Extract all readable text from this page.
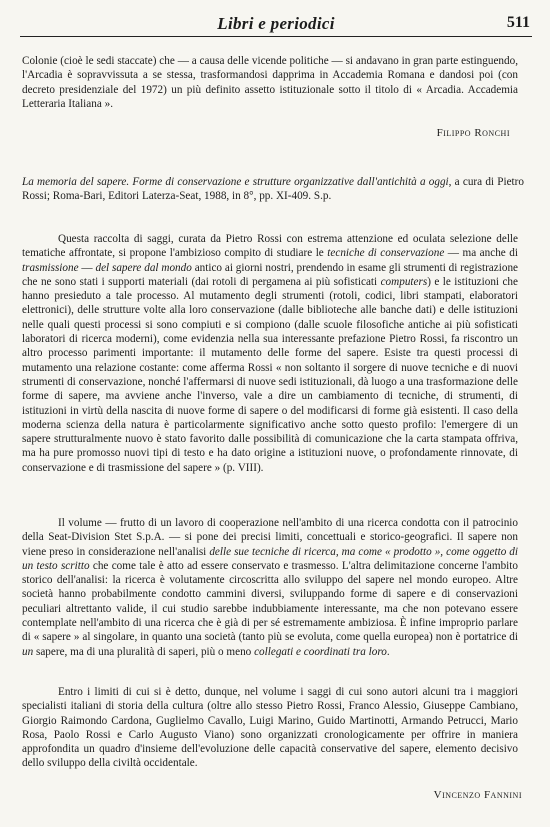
Libri e periodici	511

Colonie (cioè le sedi staccate) che — a causa delle vicende politiche — si andavano in gran parte estinguendo, l'Arcadia è sopravvissuta a se stessa, trasformandosi dapprima in Accademia Romana e dandosi poi (con decreto presidenziale del 1972) un più definito assetto istituzionale sotto il titolo di « Arcadia. Accademia Letteraria Italiana ».

Filippo Ronchi

La memoria del sapere. Forme di conservazione e strutture organizzative dall'antichità a oggi, a cura di Pietro Rossi; Roma-Bari, Editori Laterza-Seat, 1988, in 8°, pp. XI-409. S.p.

Questa raccolta di saggi, curata da Pietro Rossi con estrema attenzione ed oculata selezione delle tematiche affrontate, si propone l'ambizioso compito di studiare le tecniche di conservazione — ma anche di trasmissione — del sapere dal mondo antico ai giorni nostri, prendendo in esame gli strumenti di registrazione che ne sono stati i supporti materiali (dai rotoli di pergamena ai più sofisticati computers) e le istituzioni che hanno presieduto a tale processo. Al mutamento degli strumenti (rotoli, codici, libri stampati, elaboratori elettronici), delle strutture volte alla loro conservazione (dalle biblioteche alle banche dati) e delle istituzioni nelle quali questi processi si sono compiuti e si compiono (dalle scuole filosofiche antiche ai più sofisticati laboratori di ricerca moderni), come evidenzia nella sua interessante prefazione Pietro Rossi, fa riscontro un altro processo parimenti importante: il mutamento delle forme del sapere. Esiste tra questi processi di mutamento una relazione costante: come afferma Rossi « non soltanto il sorgere di nuove tecniche e di nuovi strumenti di conservazione, nonché l'affermarsi di nuove sedi istituzionali, dà luogo a una trasformazione delle forme di sapere, ma avviene anche l'inverso, vale a dire un cambiamento di tecniche, di strumenti, di istituzioni in virtù della nascita di nuove forme di sapere o del modificarsi di forme già esistenti. Il caso della moderna scienza della natura è particolarmente significativo anche sotto questo profilo: l'emergere di un sapere strutturalmente nuovo è stato favorito dalle possibilità di comunicazione che la carta stampata offriva, ma ha pure promosso nuovi tipi di testo e ha dato origine a istituzioni nuove, o profondamente rinnovate, di conservazione e di trasmissione del sapere » (p. VIII).

Il volume — frutto di un lavoro di cooperazione nell'ambito di una ricerca condotta con il patrocinio della Seat-Division Stet S.p.A. — si pone dei precisi limiti, concettuali e storico-geografici. Il sapere non viene preso in considerazione nell'analisi delle sue tecniche di ricerca, ma come « prodotto », come oggetto di un testo scritto che come tale è atto ad essere conservato e trasmesso. L'altra delimitazione concerne l'ambito storico dell'analisi: la ricerca è volutamente circoscritta allo sviluppo del sapere nel mondo europeo. Altre società hanno probabilmente condotto cammini diversi, sviluppando forme di sapere e di conservazioni peculiari altrettanto valide, il cui studio sarebbe indubbiamente interessante, ma che non potevano essere contemplate nell'ambito di una ricerca che è già di per sé estremamente ambiziosa. È infine improprio parlare di « sapere » al singolare, in quanto una società (tanto più se evoluta, come quella europea) non è portatrice di un sapere, ma di una pluralità di saperi, più o meno collegati e coordinati tra loro.

Entro i limiti di cui si è detto, dunque, nel volume i saggi di cui sono autori alcuni tra i maggiori specialisti italiani di storia della cultura (oltre allo stesso Pietro Rossi, Franco Alessio, Giuseppe Cambiano, Giorgio Raimondo Cardona, Guglielmo Cavallo, Luigi Marino, Guido Martinotti, Armando Petrucci, Mario Rosa, Paolo Rossi e Carlo Augusto Viano) sono organizzati cronologicamente per offrire in maniera approfondita un quadro d'insieme dell'evoluzione delle capacità conservative del sapere, elemento decisivo dello sviluppo della civiltà occidentale.

Vincenzo Fannini
